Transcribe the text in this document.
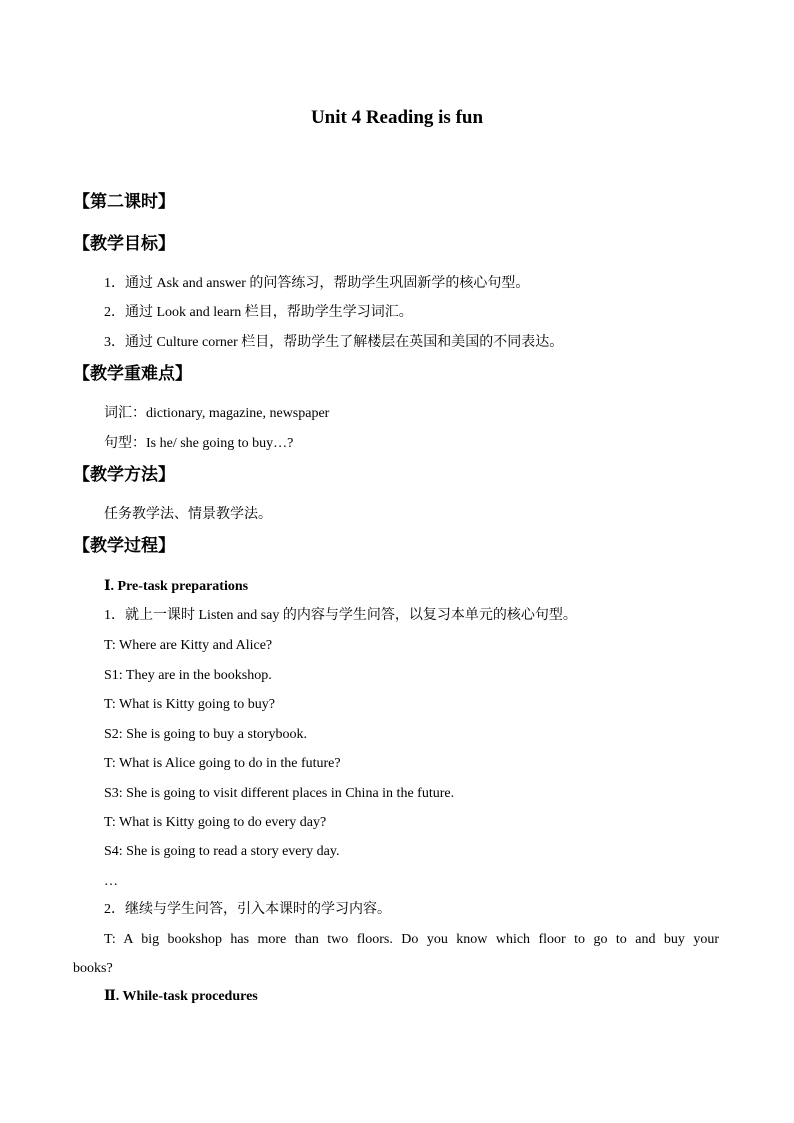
Unit 4 Reading is fun
【第二课时】
【教学目标】
1．通过 Ask and answer 的问答练习，帮助学生巩固新学的核心句型。
2．通过 Look and learn 栏目，帮助学生学习词汇。
3．通过 Culture corner 栏目，帮助学生了解楼层在英国和美国的不同表达。
【教学重难点】
词汇：dictionary, magazine, newspaper
句型：Is he/ she going to buy…?
【教学方法】
任务教学法、情景教学法。
【教学过程】
Ⅰ. Pre-task preparations
1．就上一课时 Listen and say 的内容与学生问答，以复习本单元的核心句型。
T: Where are Kitty and Alice?
S1: They are in the bookshop.
T: What is Kitty going to buy?
S2: She is going to buy a storybook.
T: What is Alice going to do in the future?
S3: She is going to visit different places in China in the future.
T: What is Kitty going to do every day?
S4: She is going to read a story every day.
…
2．继续与学生问答，引入本课时的学习内容。
T: A big bookshop has more than two floors. Do you know which floor to go to and buy your
books?
Ⅱ. While-task procedures
